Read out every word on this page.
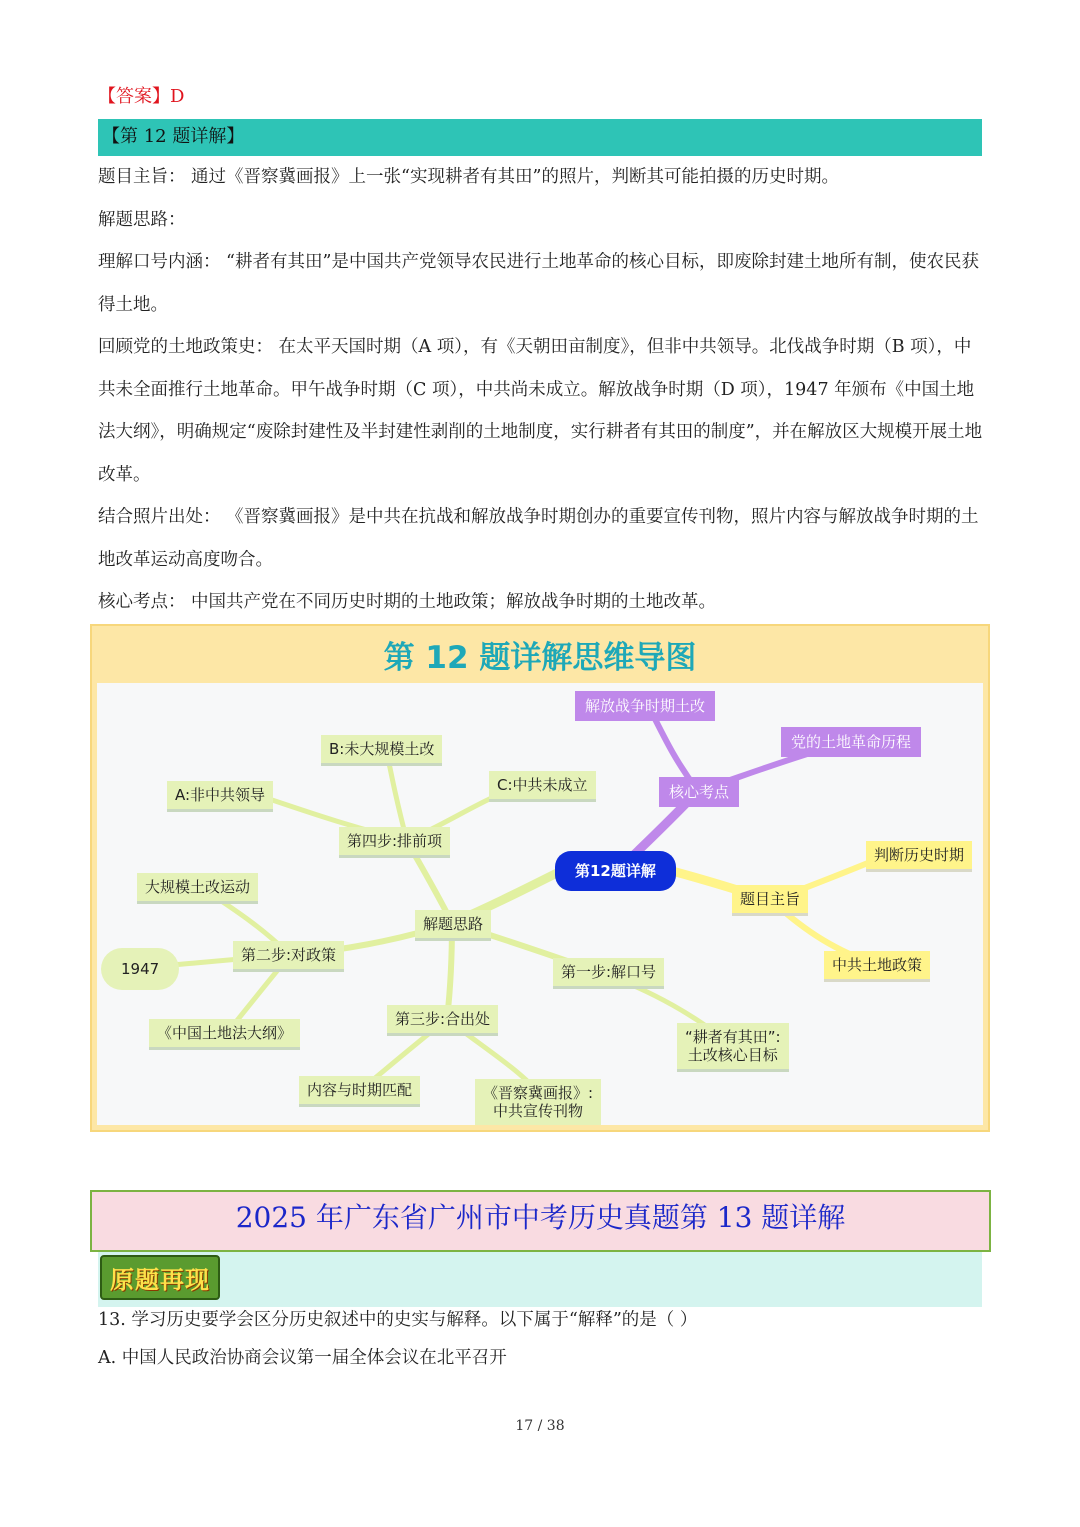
【答案】D
【第 12 题详解】

题目主旨： 通过《晋察冀画报》上一张“实现耕者有其田”的照片，判断其可能拍摄的历史时期。

解题思路：

理解口号内涵： “耕者有其田”是中国共产党领导农民进行土地革命的核心目标，即废除封建土地所有制，使农民获得土地。

回顾党的土地政策史： 在太平天国时期（A 项），有《天朝田亩制度》，但非中共领导。北伐战争时期（B 项），中共未全面推行土地革命。甲午战争时期（C 项），中共尚未成立。解放战争时期（D 项），1947 年颁布《中国土地法大纲》，明确规定“废除封建性及半封建性剥削的土地制度，实行耕者有其田的制度”，并在解放区大规模开展土地改革。

结合照片出处： 《晋察冀画报》是中共在抗战和解放战争时期创办的重要宣传刊物，照片内容与解放战争时期的土地改革运动高度吻合。

核心考点： 中国共产党在不同历史时期的土地政策；解放战争时期的土地改革。

第 12 题详解思维导图
第12题详解
核心考点
解放战争时期土改
党的土地革命历程
题目主旨
判断历史时期
中共土地政策
解题思路
第四步:排前项
A:非中共领导
B:未大规模土改
C:中共未成立
第二步:对政策
大规模土改运动
1947
《中国土地法大纲》
第三步:合出处
内容与时期匹配	《晋察冀画报》:
中共宣传刊物
第一步:解口号
“耕者有其田”:
土改核心目标
2025 年广东省广州市中考历史真题第 13 题详解
原题再现
13. 学习历史要学会区分历史叙述中的史实与解释。以下属于“解释”的是（ ）
A. 中国人民政治协商会议第一届全体会议在北平召开
17 / 38
